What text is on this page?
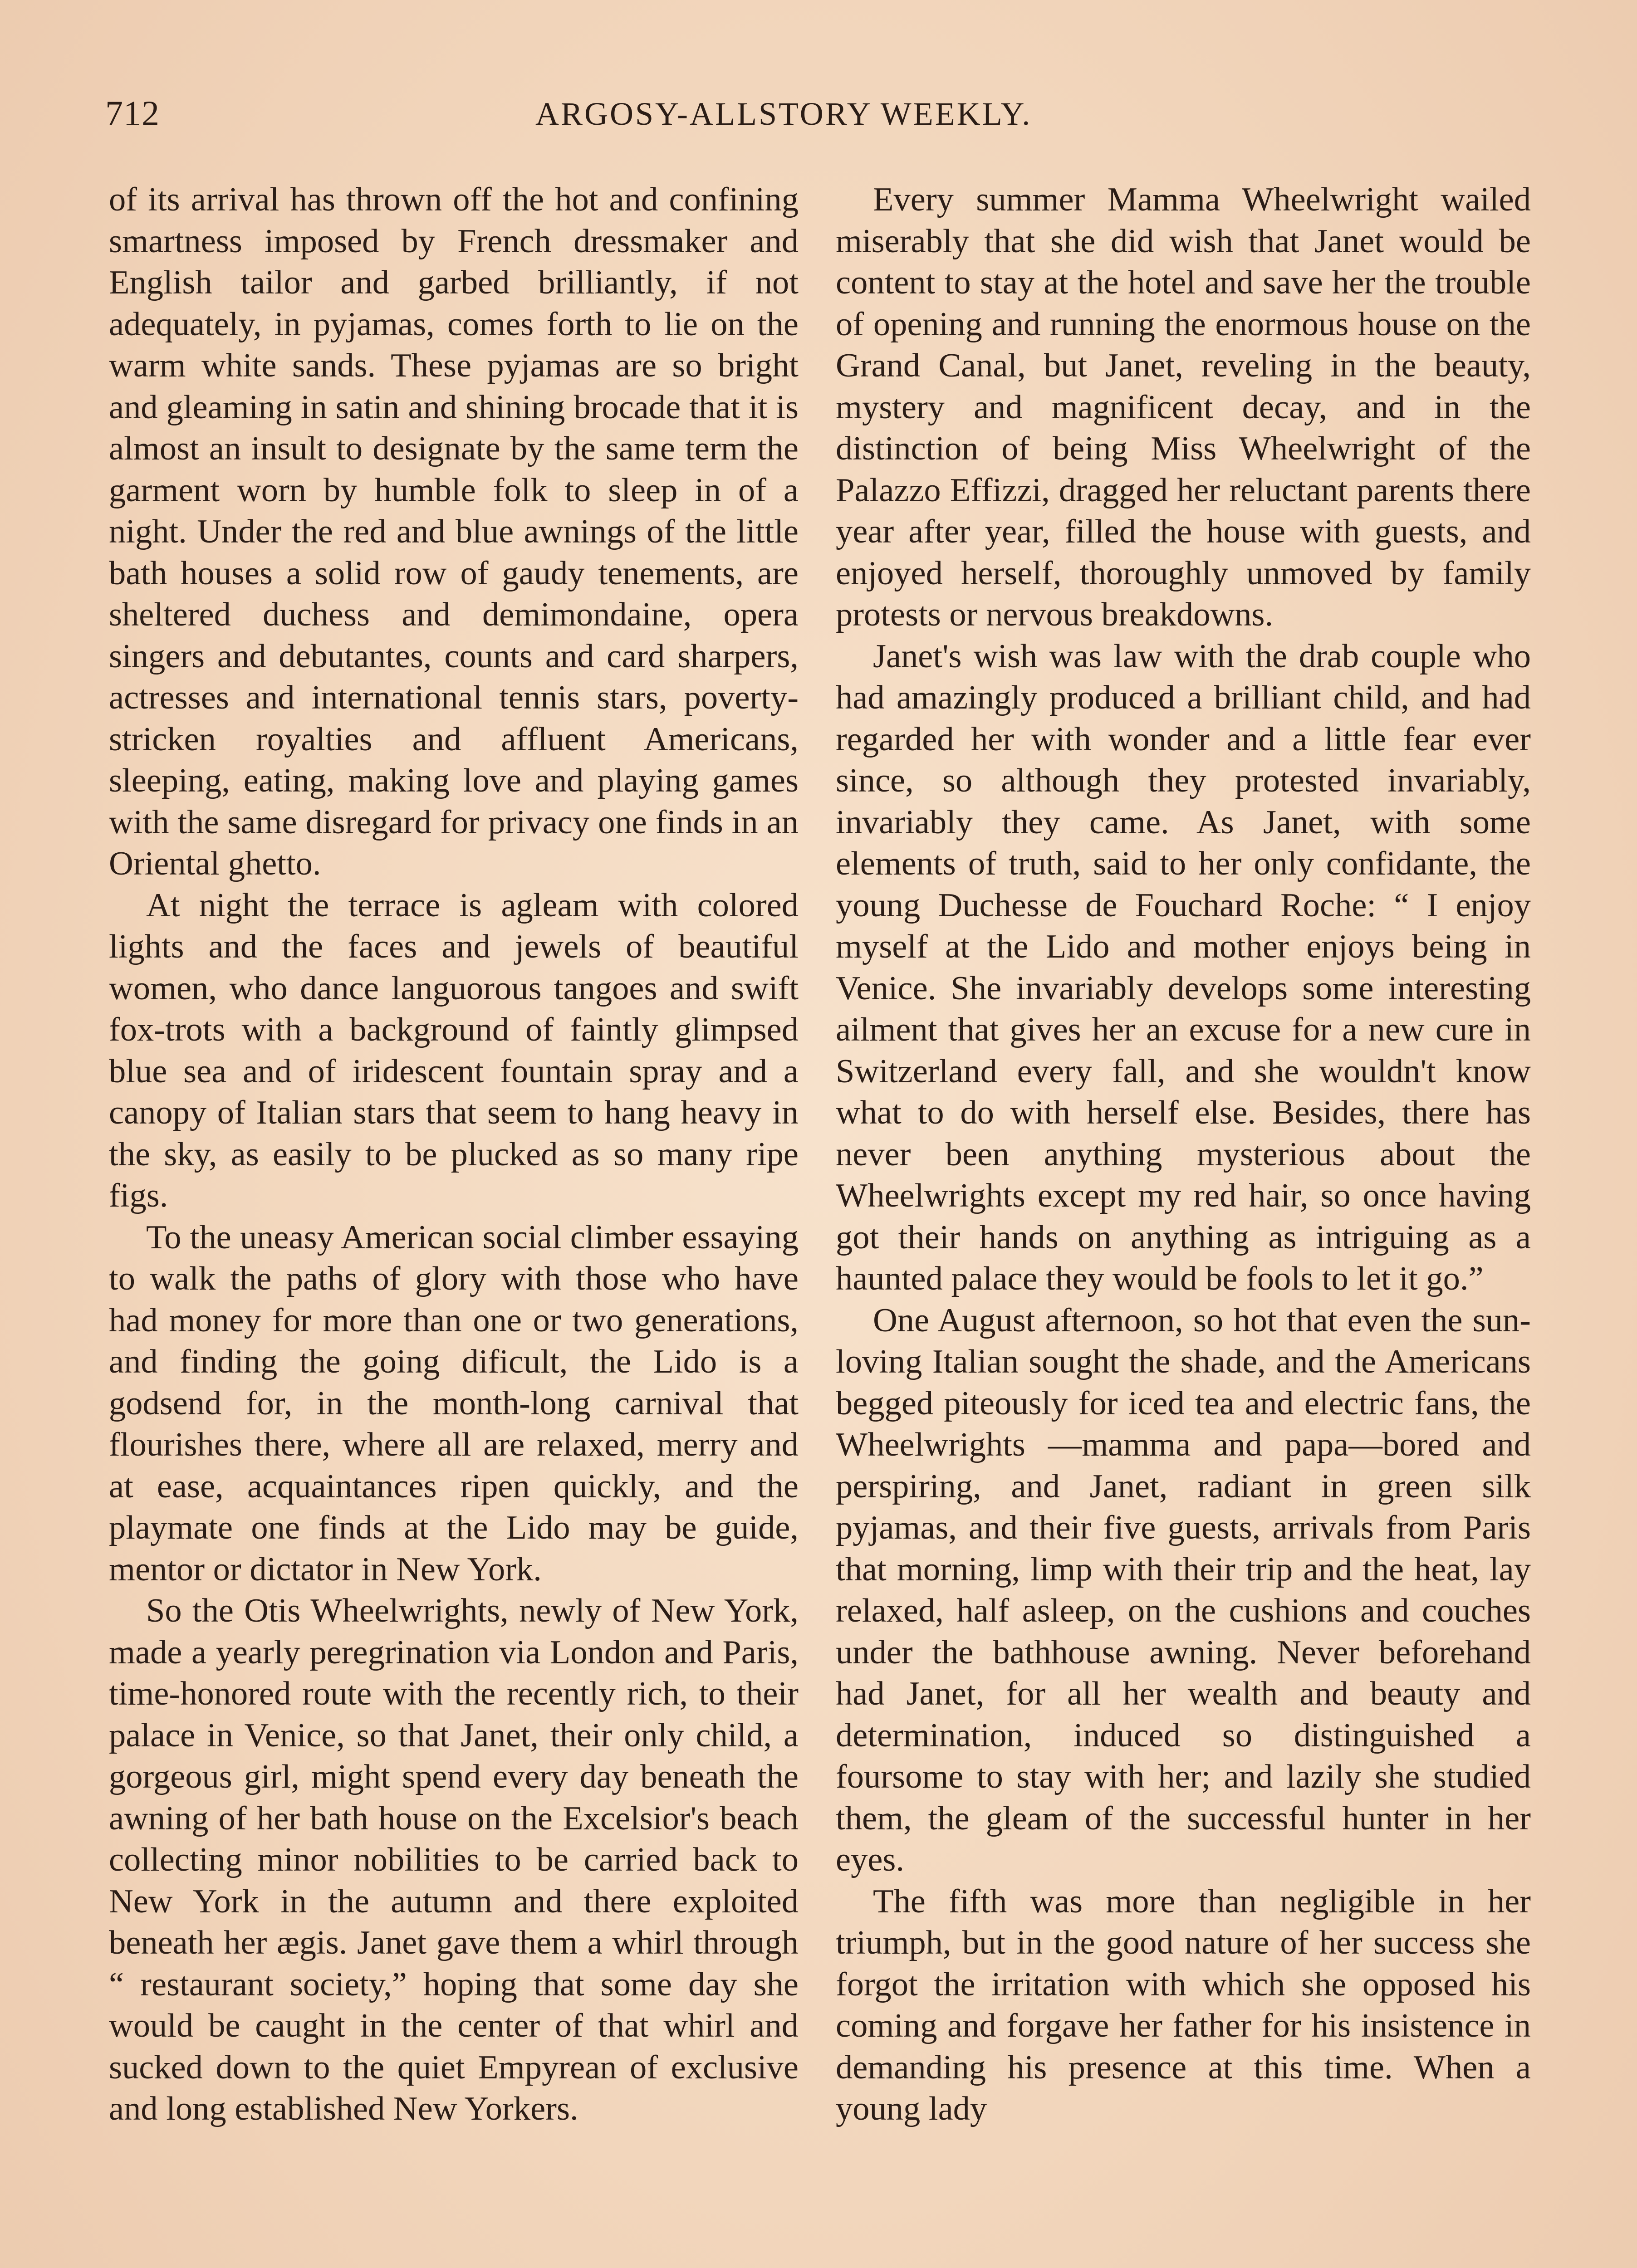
712	ARGOSY-ALLSTORY WEEKLY.

of its arrival has thrown off the hot and confining smartness imposed by French dressmaker and English tailor and garbed brilliantly, if not adequately, in pyjamas, comes forth to lie on the warm white sands. These pyjamas are so bright and gleaming in satin and shining brocade that it is almost an insult to designate by the same term the garment worn by humble folk to sleep in of a night. Under the red and blue awnings of the little bath houses a solid row of gaudy tenements, are sheltered duchess and demimondaine, opera singers and debutantes, counts and card sharpers, actresses and international tennis stars, poverty-stricken royalties and affluent Americans, sleeping, eating, making love and playing games with the same disregard for privacy one finds in an Oriental ghetto.

At night the terrace is agleam with colored lights and the faces and jewels of beautiful women, who dance languorous tangoes and swift fox-trots with a background of faintly glimpsed blue sea and of iridescent fountain spray and a canopy of Italian stars that seem to hang heavy in the sky, as easily to be plucked as so many ripe figs.

To the uneasy American social climber essaying to walk the paths of glory with those who have had money for more than one or two generations, and finding the going dificult, the Lido is a godsend for, in the month-long carnival that flourishes there, where all are relaxed, merry and at ease, acquaintances ripen quickly, and the playmate one finds at the Lido may be guide, mentor or dictator in New York.

So the Otis Wheelwrights, newly of New York, made a yearly peregrination via London and Paris, time-honored route with the recently rich, to their palace in Venice, so that Janet, their only child, a gorgeous girl, might spend every day beneath the awning of her bath house on the Excelsior's beach collecting minor nobilities to be carried back to New York in the autumn and there exploited beneath her ægis. Janet gave them a whirl through “ restaurant society,” hoping that some day she would be caught in the center of that whirl and sucked down to the quiet Empyrean of exclusive and long established New Yorkers.

Every summer Mamma Wheelwright wailed miserably that she did wish that Janet would be content to stay at the hotel and save her the trouble of opening and running the enormous house on the Grand Canal, but Janet, reveling in the beauty, mystery and magnificent decay, and in the distinction of being Miss Wheelwright of the Palazzo Effizzi, dragged her reluctant parents there year after year, filled the house with guests, and enjoyed herself, thoroughly unmoved by family protests or nervous breakdowns.

Janet's wish was law with the drab couple who had amazingly produced a brilliant child, and had regarded her with wonder and a little fear ever since, so although they protested invariably, invariably they came. As Janet, with some elements of truth, said to her only confidante, the young Duchesse de Fouchard Roche: “ I enjoy myself at the Lido and mother enjoys being in Venice. She invariably develops some interesting ailment that gives her an excuse for a new cure in Switzerland every fall, and she wouldn't know what to do with herself else. Besides, there has never been anything mysterious about the Wheelwrights except my red hair, so once having got their hands on anything as intriguing as a haunted palace they would be fools to let it go.”

One August afternoon, so hot that even the sun-loving Italian sought the shade, and the Americans begged piteously for iced tea and electric fans, the Wheelwrights —mamma and papa—bored and perspiring, and Janet, radiant in green silk pyjamas, and their five guests, arrivals from Paris that morning, limp with their trip and the heat, lay relaxed, half asleep, on the cushions and couches under the bathhouse awning. Never beforehand had Janet, for all her wealth and beauty and determination, induced so distinguished a foursome to stay with her; and lazily she studied them, the gleam of the successful hunter in her eyes.

The fifth was more than negligible in her triumph, but in the good nature of her success she forgot the irritation with which she opposed his coming and forgave her father for his insistence in demanding his presence at this time. When a young lady
